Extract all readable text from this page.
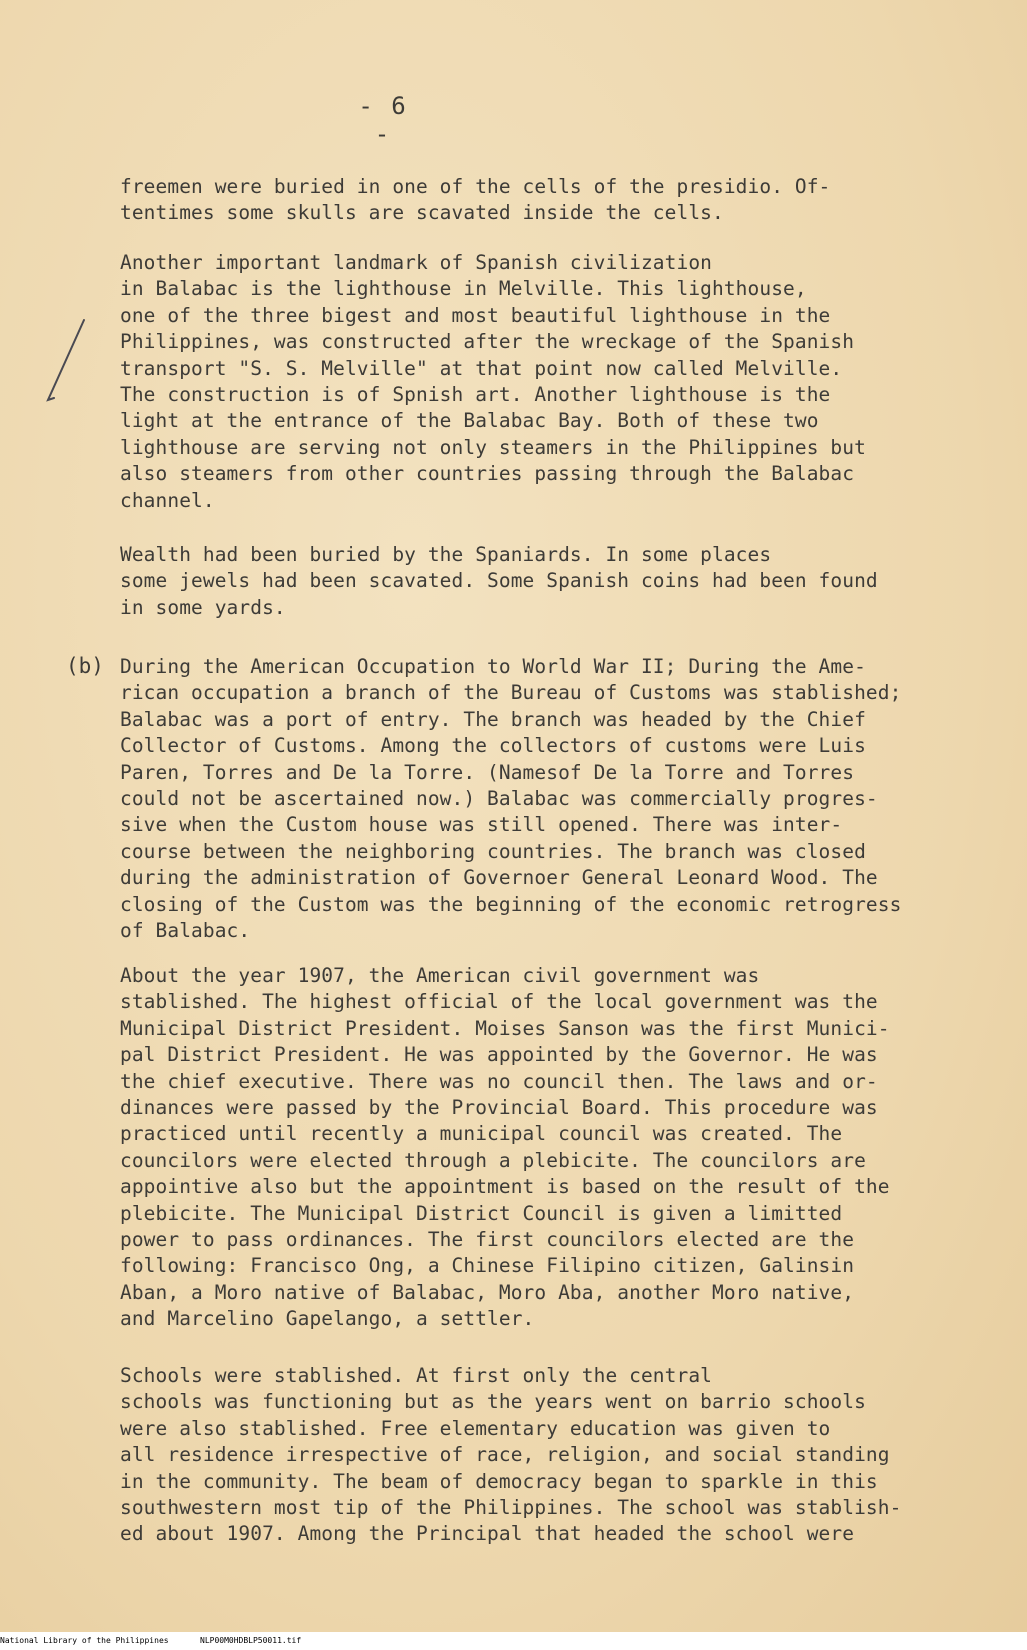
- 6 -
freemen were buried in one of the cells of the presidio. Of-
tentimes some skulls are scavated inside the cells.
Another important landmark of Spanish civilization
in Balabac is the lighthouse in Melville. This lighthouse,
one of the three bigest and most beautiful lighthouse in the
Philippines, was constructed after the wreckage of the Spanish
transport "S. S. Melville" at that point now called Melville.
The construction is of Spnish art. Another lighthouse is the
light at the entrance of the Balabac Bay. Both of these two
lighthouse are serving not only steamers in the Philippines but
also steamers from other countries passing through the Balabac
channel.
Wealth had been buried by the Spaniards. In some places
some jewels had been scavated. Some Spanish coins had been found
in some yards.
(b) During the American Occupation to World War II; During the Ame-
rican occupation a branch of the Bureau of Customs was stablished;
Balabac was a port of entry. The branch was headed by the Chief
Collector of Customs. Among the collectors of customs were Luis
Paren, Torres and De la Torre. (Namesof De la Torre and Torres
could not be ascertained now.) Balabac was commercially progres-
sive when the Custom house was still opened. There was inter-
course between the neighboring countries. The branch was closed
during the administration of Governoer General Leonard Wood. The
closing of the Custom was the beginning of the economic retrogress
of Balabac.
About the year 1907, the American civil government was
stablished. The highest official of the local government was the
Municipal District President. Moises Sanson was the first Munici-
pal District President. He was appointed by the Governor. He was
the chief executive. There was no council then. The laws and or-
dinances were passed by the Provincial Board. This procedure was
practiced until recently a municipal council was created. The
councilors were elected through a plebicite. The councilors are
appointive also but the appointment is based on the result of the
plebicite. The Municipal District Council is given a limitted
power to pass ordinances. The first councilors elected are the
following: Francisco Ong, a Chinese Filipino citizen, Galinsin
Aban, a Moro native of Balabac, Moro Aba, another Moro native,
and Marcelino Gapelango, a settler.
Schools were stablished. At first only the central
schools was functioning but as the years went on barrio schools
were also stablished. Free elementary education was given to
all residence irrespective of race, religion, and social standing
in the community. The beam of democracy began to sparkle in this
southwestern most tip of the Philippines. The school was stablish-
ed about 1907. Among the Principal that headed the school were
National Library of the Philippines	NLP00M0HDBLP50011.tif
